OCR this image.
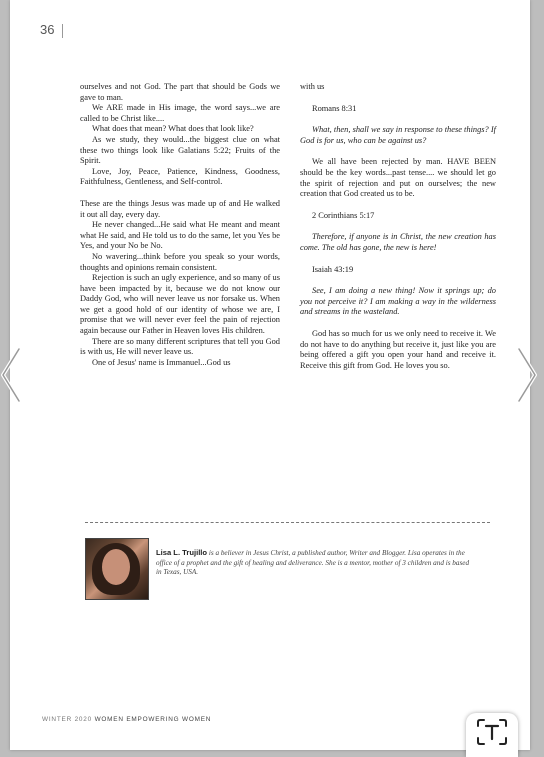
36

ourselves and not God. The part that should be Gods we gave to man.

We ARE made in His image, the word says...we are called to be Christ like....

What does that mean? What does that look like?

As we study, they would...the biggest clue on what these two things look like Galatians 5:22; Fruits of the Spirit.

Love, Joy, Peace, Patience, Kindness, Goodness, Faithfulness, Gentleness, and Self-control.

These are the things Jesus was made up of and He walked it out all day, every day.

He never changed...He said what He meant and meant what He said, and He told us to do the same, let you Yes be Yes, and your No be No.

No wavering...think before you speak so your words, thoughts and opinions remain consistent.

Rejection is such an ugly experience, and so many of us have been impacted by it, because we do not know our Daddy God, who will never leave us nor forsake us. When we get a good hold of our identity of whose we are, I promise that we will never ever feel the pain of rejection again because our Father in Heaven loves His children.

There are so many different scriptures that tell you God is with us, He will never leave us.

One of Jesus' name is Immanuel...God us

with us

Romans 8:31

What, then, shall we say in response to these things? If God is for us, who can be against us?

We all have been rejected by man. HAVE BEEN should be the key words...past tense.... we should let go the spirit of rejection and put on ourselves; the new creation that God created us to be.

2 Corinthians 5:17

Therefore, if anyone is in Christ, the new creation has come. The old has gone, the new is here!

Isaiah 43:19

See, I am doing a new thing! Now it springs up; do you not perceive it? I am making a way in the wilderness and streams in the wasteland.

God has so much for us we only need to receive it. We do not have to do anything but receive it, just like you are being offered a gift you open your hand and receive it. Receive this gift from God. He loves you so.

Lisa L. Trujillo is a believer in Jesus Christ, a published author, Writer and Blogger. Lisa operates in the office of a prophet and the gift of healing and deliverance. She is a mentor, mother of 3 children and is based in Texas, USA.
WINTER 2020 WOMEN EMPOWERING WOMEN
